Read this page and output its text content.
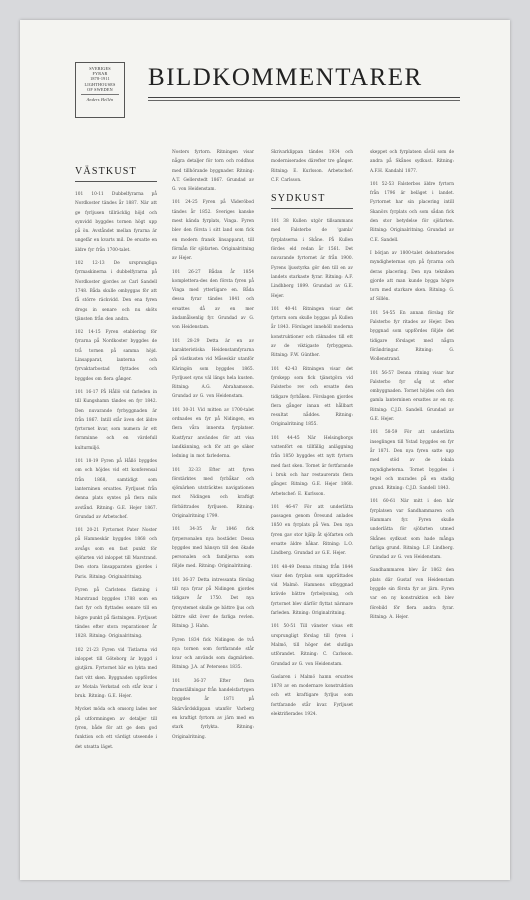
SVERIGES
FYRAR
1878-1911
LIGHTHOUSES
OF SWEDEN
Anders Hellén
BILDKOMMENTARER
VÄSTKUST

101 10-11 Dubbelfyrarna på Nordkoster tändes år 1887. När att ge fyrljusen tillräcklig höjd och synvidd byggdes tornen högt upp på ön. Avståndet mellan fyrarna är ungefär en kvarts mil. De ersatte en äldre fyr från 1700-talet.

102 12-13 De ursprungliga fyrmaskinerna i dubbelfyrarna på Nordkoster gjordes av Carl Sandell 1748. Båda skulle ombyggas för att få större räckvidd. Den ena fyren drogs in senare och nu sköts tjänsten från den andra.

102 14-15 Fyren etablering för fyrarna på Nordkoster byggdes de två tornen på samma höjd. Linsapparat, lanterna och fyrvaktarbostad flyttades och byggdes om flera gånger.

101 16-17 På Hållö vid farleden in till Kungshamn tändes en fyr 1842. Den nuvarande fyrbyggnaden är från 1867. Intill står även det äldre fyrtornet kvar, som numera är ett fornminne och en värdefull kulturmiljö.

101 18-19 Fyren på Hållö byggdes om och höjdes vid ett konferensal från 1868, samtidigt som lanterninen ersattes. Fyrljuset från denna plats syntes på flera mils avstånd. Ritning: G.E. Hejer 1867. Grundad av Arbetschef.

101 20-21 Fyrtornet Pater Noster på Hamneskär byggdes 1868 och avsågs som en fast punkt för sjöfarten vid inloppet till Marstrand. Den stora linsapparaten gjordes i Paris. Ritning: Originalritning.

Fyren på Carlstens fästning i Marstrand byggdes 1788 som en fast fyr och flyttades senare till en högre punkt på fästningen. Fyrljuset tändes efter stora reparationer år 1828. Ritning: Originalritning.

102 21-23 Fyren vid Tistlarna vid inloppet till Göteborg är byggd i gjutjärn. Fyrtornet bär en lykta med fast vitt sken. Byggnaden uppfördes av Motala Verkstad och står kvar i bruk. Ritning: G.E. Hejer.

Mycket möda och omsorg lades ner på utformningen av detaljer till fyren, både för att ge dem god funktion och ett värdigt utseende i det utsatta läget.

Nosters fyrtorn. Ritningen visar några detaljer för torn och roddhus med tillhörande byggnader. Ritning: A.T. Gellerstedt 1867. Grundad av G. von Heidenstam.

101 24-25 Fyren på Väderöbod tändes år 1852. Sveriges kanske mest kända fyrplats, Vinga. Fyren blev den första i sitt land som fick en modern fransk linsapparat, till förmån för sjöfarten. Originalritning av Hejer.

101 26-27 Bådan år 1854 komplettera-des den första fyren på Vinga med ytterligare en. Båda dessa fyrar tändes 1841 och ersattes då av en mer ändamålsenlig fyr. Grundad av G. von Heidenstam.

101 28-29 Detta är en av karakteristiska Heidenstamfyrarna på västkusten vid Måseskär utanför Käringön som byggdes 1865. Fyrljuset syns väl längs hela kusten. Ritning: A.G. Abrahamsson. Grundad av G. von Heidenstam.

101 30-31 Vid mitten av 1700-talet ordnades en fyr på Nidingen, en flera våra innersta fyrplatser. Kustfyrar användes för att visa landkänning, och för att ge säker ledning in mot farlederna.

101 32-33 Efter att fyren förstärktes med fyrbåkar och sjömärken utsträcktes navigationen mot Nidingen och kraftigt förbättrades fyrljusen. Ritning: Originalritning 1799.

101 34-35 År 1846 fick fyrpersonalen nya bostäder. Dessa byggdes med hänsyn till den ökade personalen och familjerna som följde med. Ritning: Originalritning.

101 36-37 Detta intressanta förslag till nya fyrar på Nidingen gjordes tidigare år 1750. Det nya fyrsystemet skulle ge bättre ljus och bättre sikt över de farliga revlen. Ritning: J. Hahn.

Fyren 1834 fick Nidingen de två nya tornen som fortfarande står kvar och används som dagmärken. Ritning: J.A. af Petersens 1835.

101 36-37 Efter flera framställningar från handelsfartygen byggdes år 1871 på Skärvårdsklippan utanför Varberg en kraftigt fyrtorn av järn med en stark fyrlykta. Ritning: Originalritning.

Skrivarklippan tändes 1934 och moderniserades därefter tre gånger. Ritning: E. Kurlsson. Arbetschef: C.F. Carlsson.

SYDKUST

101 38 Kullen utgör tillsammans med Falsterbo de 'gamla' fyrplatserna i Skåne. På Kullen fördes eld redan år 1561. Det nuvarande fyrtornet är från 1900. Fyrens ljusstyrka gör den till en av landets starkaste fyrar. Ritning: A.F. Lindhberg 1899. Grundad av G.E. Hejer.

101 40-41 Ritningen visar det fyrtorn som skulle byggas på Kullen år 1843. Förslaget innehöll moderna konstruktioner och räknades till ett av de viktigaste fyrbyggena. Ritning: F.W. Günther.

101 42-43 Ritningen visar det fyrskepp som fick tjänstgöra vid Falsterbo rev och ersatte den tidigare fyrbåken. Förslagen gjordes flera gånger innan ett hållbart resultat nåddes. Ritning: Originalritning 1855.

101 44-45 När Helsingborgs vattenfört en tillfällig anläggning från 1850 byggdes ett nytt fyrtorn med fast sken. Tornet är fortfarande i bruk och har restaurerats flera gånger. Ritning: G.E. Hejer 1868. Arbetschef: E. Kurlsson.

101 46-47 För att underlätta passagen genom Öresund anlades 1850 en fyrplats på Ven. Den nya fyren gav stor hjälp åt sjöfarten och ersatte äldre båkar. Ritning: L.O. Lindberg. Grundad av G.E. Hejer.

101 48-49 Denna ritning från 1844 visar den fyrplan som upprättades vid Malmö. Hamnens utbyggnad krävde bättre fyrbelysning, och fyrtornet blev därför flyttat närmare farleden. Ritning: Originalritning.

101 50-51 Till vänster visas ett ursprungligt förslag till fyren i Malmö, till höger det slutliga utförandet. Ritning: C. Carlsson. Grundad av G. von Heidenstam.

Gaslaren i Malmö hamn ersattes 1878 av en modernare konstruktion och ett kraftigare fyrljus som fortfarande står kvar. Fyrljuset elektrifierades 1924.

skeppet och fyrplatsen såväl som de andra på Skånes sydkust. Ritning: A.F.H. Kandahl 1877.

101 52-53 Falsterbos äldre fyrtorn från 1796 är beläget i landet. Fyrtornet har sin placering intill Skanörs fyrplats och som sådan fick den stor betydelse för sjöfarten. Ritning: Originalritning. Grundad av C.E. Sandell.

I början av 1800-talet debatterades myndigheternas syn på fyrarna och deras placering. Den nya tekniken gjorde att man kunde bygga högre torn med starkare sken. Ritning: G. af Sillén.

101 54-55 En annan förslag för Falsterbo fyr ritades av Hejer. Den byggnad som uppfördes följde det tidigare förslaget med några förändringar. Ritning: G. Wollenstrand.

101 56-57 Denna ritning visar hur Falsterbo fyr såg ut efter ombyggnaden. Tornet höjdes och den gamla lanterninen ersattes av en ny. Ritning: C.J.D. Sandell. Grundad av G.E. Hejer.

101 58-59 För att underlätta inseglingen till Ystad byggdes en fyr år 1871. Den nya fyren satte upp med stöd av de lokala myndigheterna. Tornet byggdes i tegel och murades på en stadig grund. Ritning: C.J.D. Sandell 1843.

101 60-61 När mitt i den här fyrplatsen var Sandhammaren och Hammars fyr. Fyren skulle underlätta för sjöfarten utmed Skånes sydkust som hade många farliga grund. Ritning: L.F. Lindberg. Grundad av G. von Heidenstam.

Sandhammaren blev år 1862 den plats där Gustaf von Heidenstam byggde sin första fyr av järn. Fyren var en ny konstruktion och blev förebild för flera andra fyrar. Ritning: A. Hejer.
